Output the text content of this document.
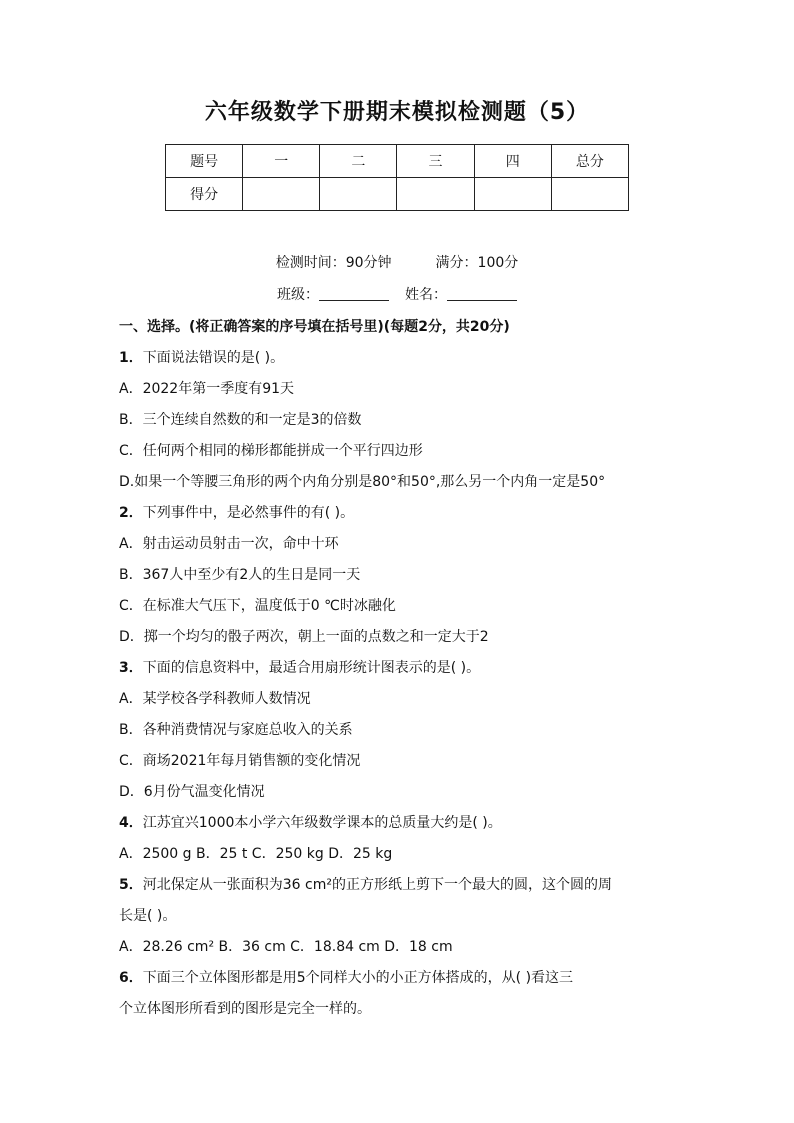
六年级数学下册期末模拟检测题（5）
题号	一	二	三	四	总分
得分					
检测时间：90分钟	满分：100分
班级：	姓名：
一、选择。(将正确答案的序号填在括号里)(每题2分，共20分)
1．下面说法错误的是( )。
A．2022年第一季度有91天
B．三个连续自然数的和一定是3的倍数
C．任何两个相同的梯形都能拼成一个平行四边形
D.如果一个等腰三角形的两个内角分别是80°和50°,那么另一个内角一定是50°
2．下列事件中，是必然事件的有( )。
A．射击运动员射击一次，命中十环
B．367人中至少有2人的生日是同一天
C．在标准大气压下，温度低于0 ℃时冰融化
D．掷一个均匀的骰子两次，朝上一面的点数之和一定大于2
3．下面的信息资料中，最适合用扇形统计图表示的是( )。
A．某学校各学科教师人数情况
B．各种消费情况与家庭总收入的关系
C．商场2021年每月销售额的变化情况
D．6月份气温变化情况
4．江苏宜兴1000本小学六年级数学课本的总质量大约是( )。
A．2500 g B．25 t C．250 kg D．25 kg
5．河北保定从一张面积为36 cm²的正方形纸上剪下一个最大的圆，这个圆的周
长是( )。
A．28.26 cm² B．36 cm C．18.84 cm D．18 cm
6．下面三个立体图形都是用5个同样大小的小正方体搭成的，从( )看这三
个立体图形所看到的图形是完全一样的。
